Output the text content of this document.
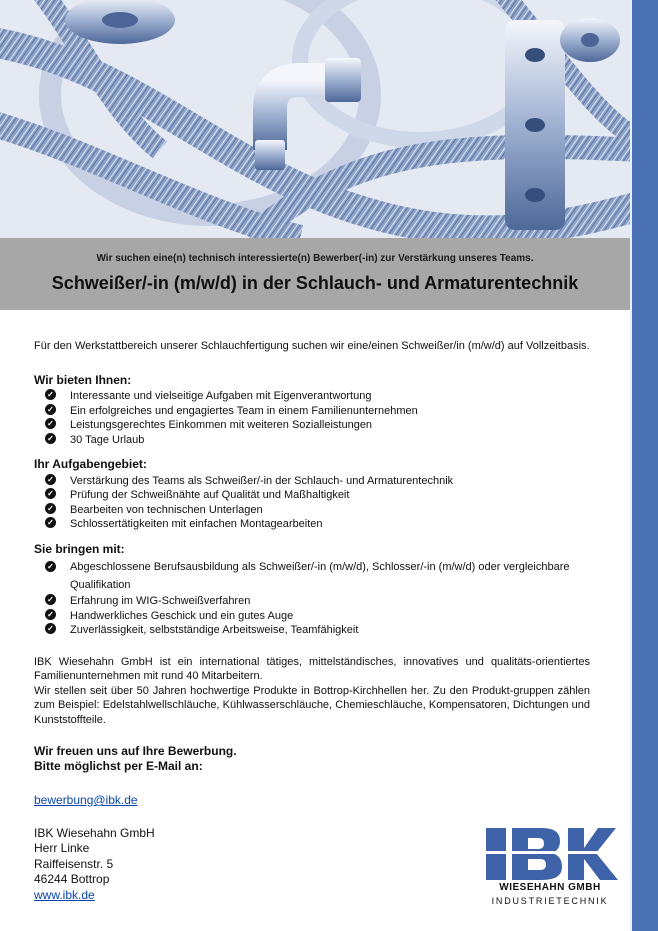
Wir suchen eine(n) technisch interessierte(n) Bewerber(-in) zur Verstärkung unseres Teams.
Schweißer/-in (m/w/d) in der Schlauch- und Armaturentechnik

Für den Werkstattbereich unserer Schlauchfertigung suchen wir eine/einen Schweißer/in (m/w/d) auf Vollzeitbasis.

Wir bieten Ihnen:
✓ Interessante und vielseitige Aufgaben mit Eigenverantwortung
✓ Ein erfolgreiches und engagiertes Team in einem Familienunternehmen
✓ Leistungsgerechtes Einkommen mit weiteren Sozialleistungen
✓ 30 Tage Urlaub
Ihr Aufgabengebiet:
✓ Verstärkung des Teams als Schweißer/-in der Schlauch- und Armaturentechnik
✓ Prüfung der Schweißnähte auf Qualität und Maßhaltigkeit
✓ Bearbeiten von technischen Unterlagen
✓ Schlossertätigkeiten mit einfachen Montagearbeiten
Sie bringen mit:
✓ Abgeschlossene Berufsausbildung als Schweißer/-in (m/w/d), Schlosser/-in (m/w/d) oder vergleichbare Qualifikation
✓ Erfahrung im WIG-Schweißverfahren
✓ Handwerkliches Geschick und ein gutes Auge
✓ Zuverlässigkeit, selbstständige Arbeitsweise, Teamfähigkeit
IBK Wiesehahn GmbH ist ein international tätiges, mittelständisches, innovatives und qualitäts-orientiertes Familienunternehmen mit rund 40 Mitarbeitern.
Wir stellen seit über 50 Jahren hochwertige Produkte in Bottrop-Kirchhellen her. Zu den Produkt-gruppen zählen zum Beispiel: Edelstahlwellschläuche, Kühlwasserschläuche, Chemieschläuche, Kompensatoren, Dichtungen und Kunststoffteile.
Wir freuen uns auf Ihre Bewerbung.
Bitte möglichst per E-Mail an:
bewerbung@ibk.de
IBK Wiesehahn GmbH
Herr Linke
Raiffeisenstr. 5
46244 Bottrop
www.ibk.de	WIESEHAHN GMBH
INDUSTRIETECHNIK
